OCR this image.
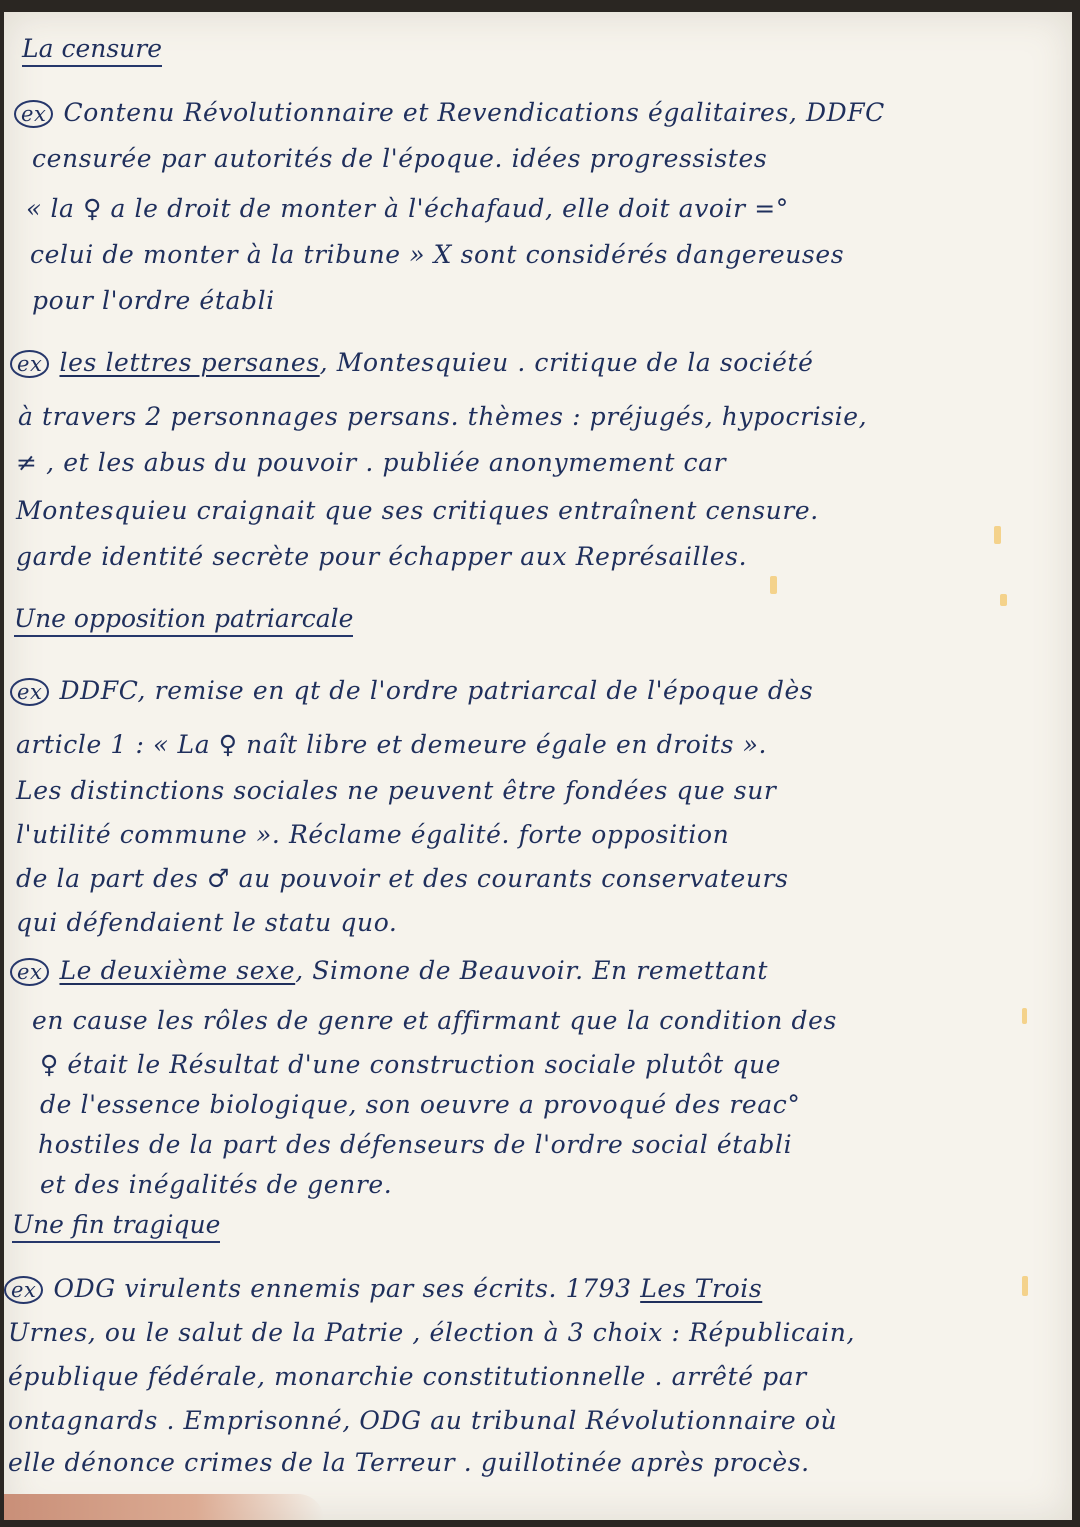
La censure
ex Contenu Révolutionnaire et Revendications égalitaires, DDFC
censurée par autorités de l'époque. idées progressistes
« la ♀ a le droit de monter à l'échafaud, elle doit avoir =°
celui de monter à la tribune » X sont considérés dangereuses
pour l'ordre établi
ex les lettres persanes, Montesquieu . critique de la société
à travers 2 personnages persans. thèmes : préjugés, hypocrisie,
≠ , et les abus du pouvoir . publiée anonymement car
Montesquieu craignait que ses critiques entraînent censure.
garde identité secrète pour échapper aux Représailles.
Une opposition patriarcale
ex DDFC, remise en qt de l'ordre patriarcal de l'époque dès
article 1 : « La ♀ naît libre et demeure égale en droits ».
Les distinctions sociales ne peuvent être fondées que sur
l'utilité commune ». Réclame égalité. forte opposition
de la part des ♂ au pouvoir et des courants conservateurs
qui défendaient le statu quo.
ex Le deuxième sexe, Simone de Beauvoir. En remettant
en cause les rôles de genre et affirmant que la condition des
♀ était le Résultat d'une construction sociale plutôt que
de l'essence biologique, son oeuvre a provoqué des reac°
hostiles de la part des défenseurs de l'ordre social établi
et des inégalités de genre.
Une fin tragique
ex ODG virulents ennemis par ses écrits. 1793 Les Trois
Urnes, ou le salut de la Patrie , élection à 3 choix : Républicain,
épublique fédérale, monarchie constitutionnelle . arrêté par
ontagnards . Emprisonné, ODG au tribunal Révolutionnaire où
elle dénonce crimes de la Terreur . guillotinée après procès.
